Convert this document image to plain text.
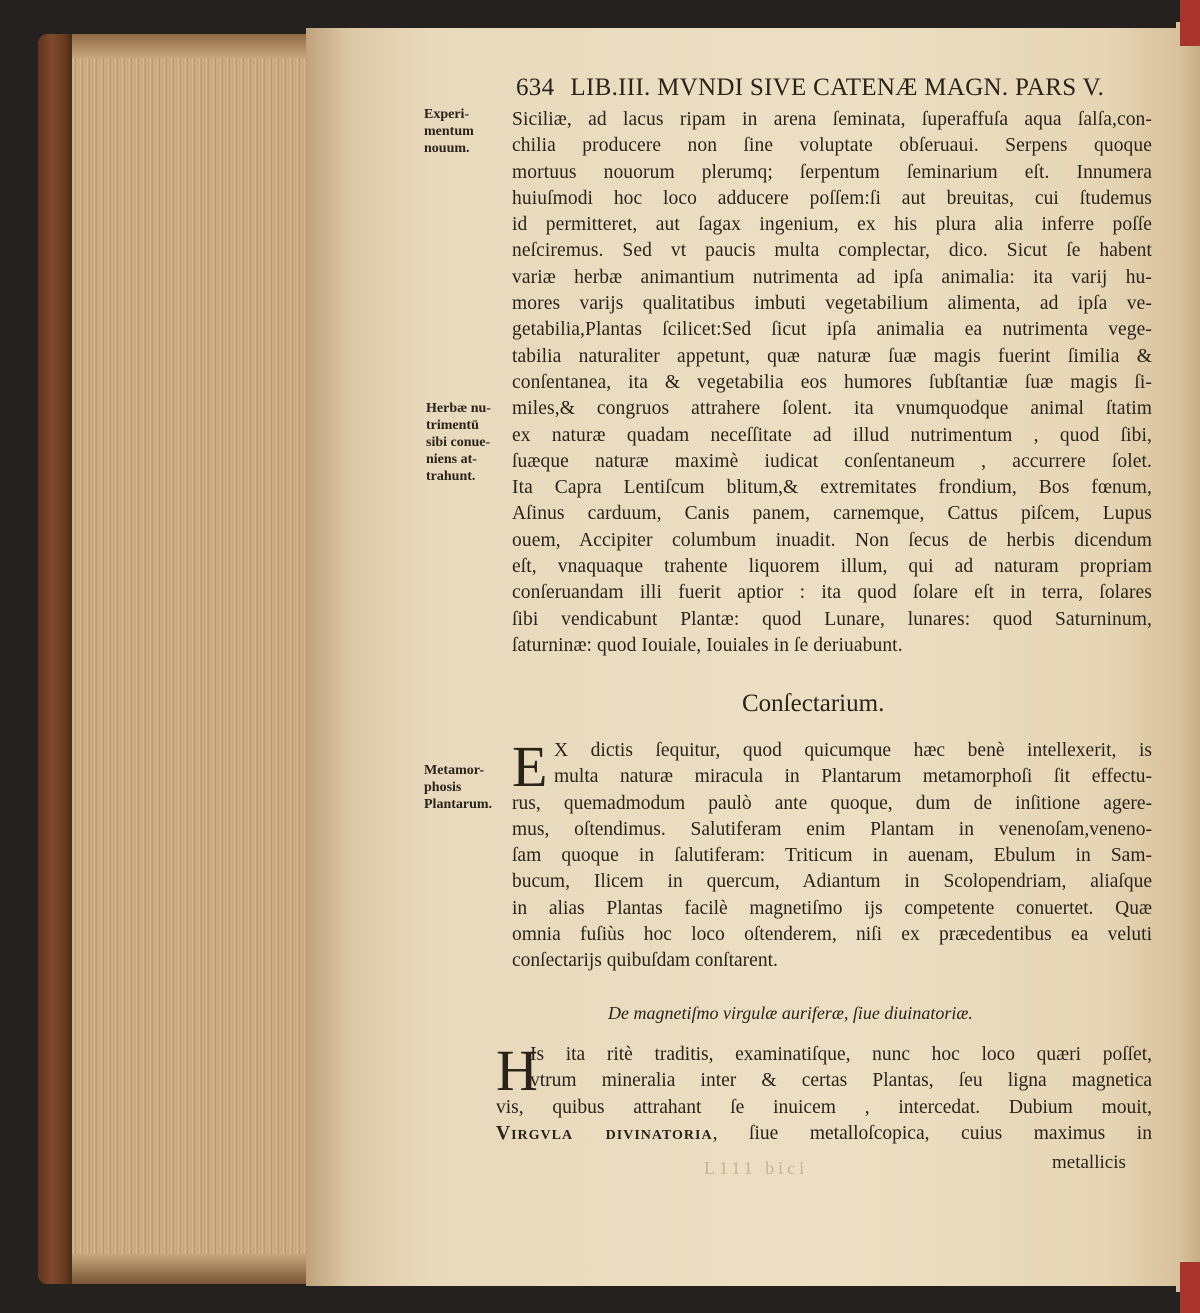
634 LIB.III. MVNDI SIVE CATENÆ MAGN. PARS V.
Experi-
mentum
nouum.
Herbæ nu-
trimentū
sibi conue-
niens at-
trahunt.
Metamor-
phosis
Plantarum.
Siciliæ, ad lacus ripam in arena ſeminata, ſuperaffuſa aqua ſalſa,con-
chilia producere non ſine voluptate obſeruaui. Serpens quoque
mortuus nouorum plerumq; ſerpentum ſeminarium eſt. Innumera
huiuſmodi hoc loco adducere poſſem:ſi aut breuitas, cui ſtudemus
id permitteret, aut ſagax ingenium, ex his plura alia inferre poſſe
neſciremus. Sed vt paucis multa complectar, dico. Sicut ſe habent
variæ herbæ animantium nutrimenta ad ipſa animalia: ita varij hu-
mores varijs qualitatibus imbuti vegetabilium alimenta, ad ipſa ve-
getabilia,Plantas ſcilicet:Sed ſicut ipſa animalia ea nutrimenta vege-
tabilia naturaliter appetunt, quæ naturæ ſuæ magis fuerint ſimilia &
conſentanea, ita & vegetabilia eos humores ſubſtantiæ ſuæ magis ſi-
miles,& congruos attrahere ſolent. ita vnumquodque animal ſtatim
ex naturæ quadam neceſſitate ad illud nutrimentum , quod ſibi,
ſuæque naturæ maximè iudicat conſentaneum , accurrere ſolet.
Ita Capra Lentiſcum blitum,& extremitates frondium, Bos fœnum,
Aſinus carduum, Canis panem, carnemque, Cattus piſcem, Lupus
ouem, Accipiter columbum inuadit. Non ſecus de herbis dicendum
eſt, vnaquaque trahente liquorem illum, qui ad naturam propriam
conſeruandam illi fuerit aptior : ita quod ſolare eſt in terra, ſolares
ſibi vendicabunt Plantæ: quod Lunare, lunares: quod Saturninum,
ſaturninæ: quod Iouiale, Iouiales in ſe deriuabunt.
Conſectarium.
E X dictis ſequitur, quod quicumque hæc benè intellexerit, is
multa naturæ miracula in Plantarum metamorphoſi ſit effectu-
rus, quemadmodum paulò ante quoque, dum de inſitione agere-
mus, oſtendimus. Salutiferam enim Plantam in venenoſam,veneno-
ſam quoque in ſalutiferam: Triticum in auenam, Ebulum in Sam-
bucum, Ilicem in quercum, Adiantum in Scolopendriam, aliaſque
in alias Plantas facilè magnetiſmo ijs competente conuertet. Quæ
omnia fuſiùs hoc loco oſtenderem, niſi ex præcedentibus ea veluti
conſectarijs quibuſdam conſtarent.
De magnetiſmo virgulæ auriferæ, ſiue diuinatoriæ.
H
Is ita ritè traditis, examinatiſque, nunc hoc loco quæri poſſet,
vtrum mineralia inter & certas Plantas, ſeu ligna magnetica
vis, quibus attrahant ſe inuicem , intercedat. Dubium mouit,
Virgvla divinatoria, ſiue metalloſcopica, cuius maximus in
metallicis
L111 bici
